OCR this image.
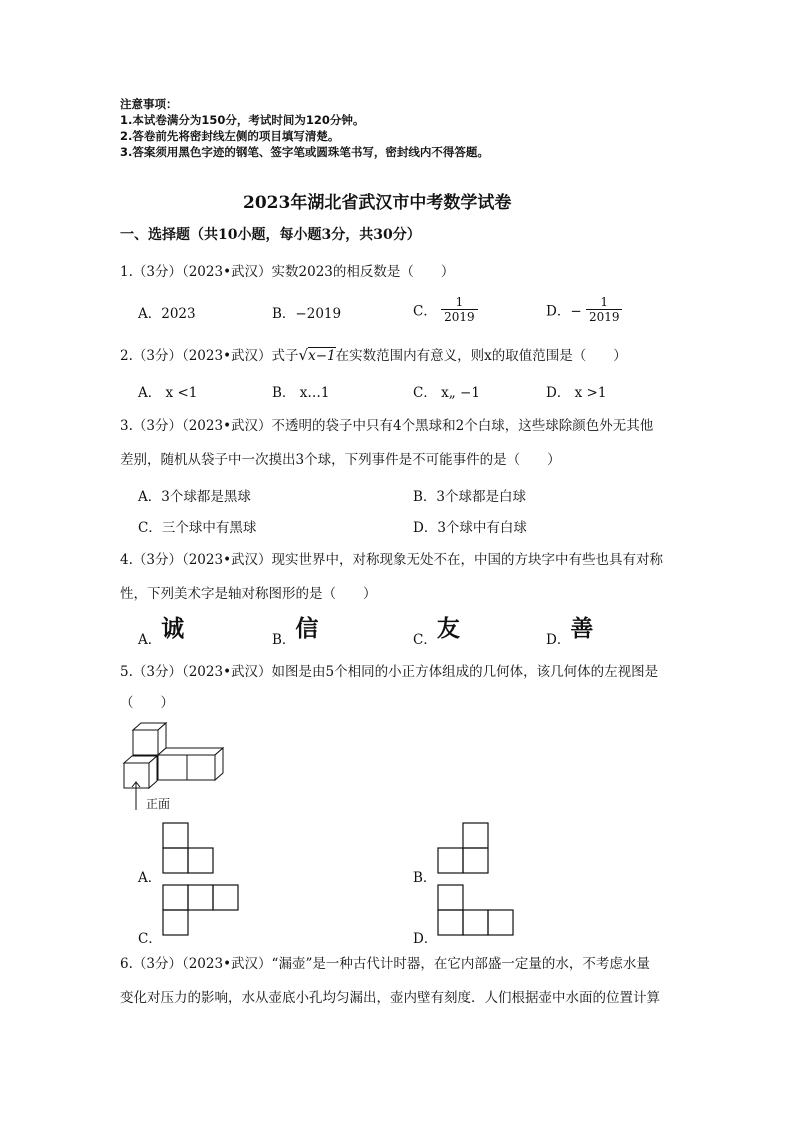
注意事项：
1.本试卷满分为150分，考试时间为120分钟。
2.答卷前先将密封线左侧的项目填写清楚。
3.答案须用黑色字迹的钢笔、签字笔或圆珠笔书写，密封线内不得答题。
2023年湖北省武汉市中考数学试卷
一、选择题（共10小题，每小题3分，共30分）
1.（3分）（2023•武汉）实数2023的相反数是（　　）
A．2023	B．−2019	C． $\frac{1}{2019}$	D．− $\frac{1}{2019}$
2.（3分）（2023•武汉）式子√x−1在实数范围内有意义，则x的取值范围是（　　）
A． x <1	B． x…1	C． x„ −1	D． x >1
3.（3分）（2023•武汉）不透明的袋子中只有4个黑球和2个白球，这些球除颜色外无其他
差别，随机从袋子中一次摸出3个球，下列事件是不可能事件的是（　　）
A．3个球都是黑球	B．3个球都是白球
C．三个球中有黑球	D．3个球中有白球
4.（3分）（2023•武汉）现实世界中，对称现象无处不在，中国的方块字中有些也具有对称
性，下列美术字是轴对称图形的是（　　）
A．诚	B．信	C．友	D．善
5.（3分）（2023•武汉）如图是由5个相同的小正方体组成的几何体，该几何体的左视图是
（　　）
正面
A．	B．
C．	D．
6.（3分）（2023•武汉）“漏壶”是一种古代计时器，在它内部盛一定量的水，不考虑水量
变化对压力的影响，水从壶底小孔均匀漏出，壶内壁有刻度．人们根据壶中水面的位置计算
